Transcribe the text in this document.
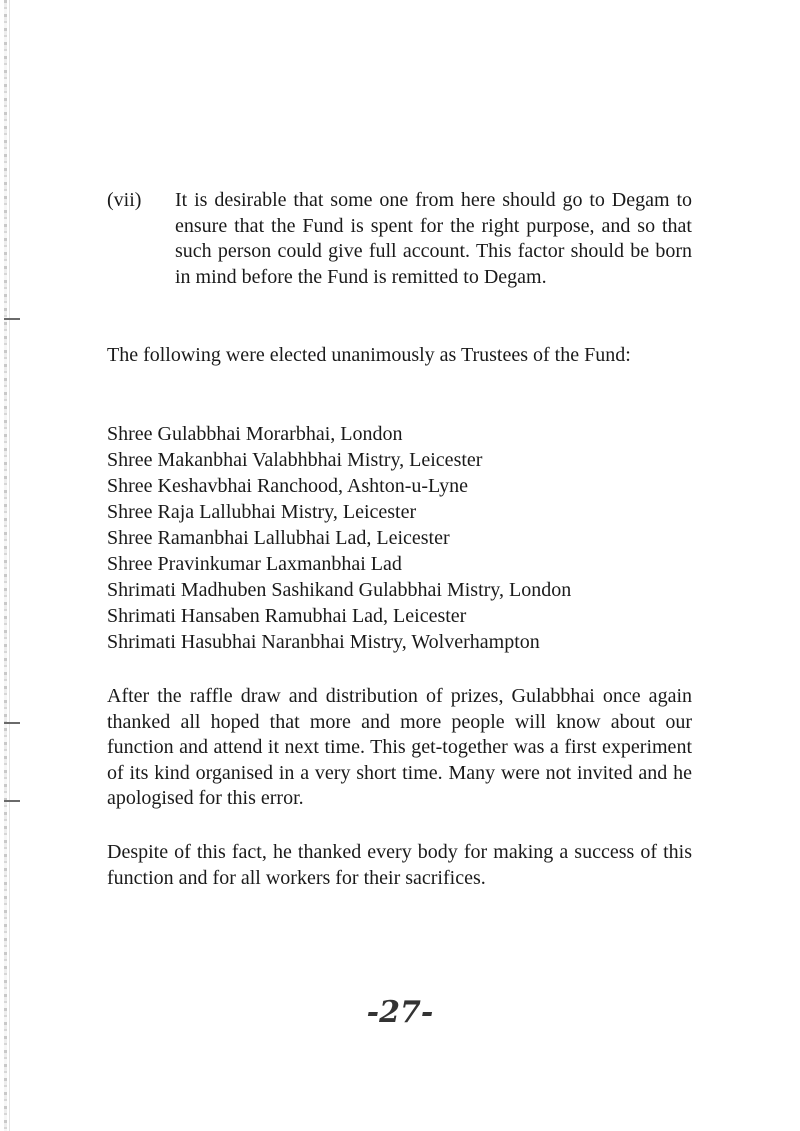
(vii) It is desirable that some one from here should go to Degam to ensure that the Fund is spent for the right purpose, and so that such person could give full account. This factor should be born in mind before the Fund is remitted to Degam.

The following were elected unanimously as Trustees of the Fund:

Shree Gulabbhai Morarbhai, London
Shree Makanbhai Valabhbhai Mistry, Leicester
Shree Keshavbhai Ranchood, Ashton-u-Lyne
Shree Raja Lallubhai Mistry, Leicester
Shree Ramanbhai Lallubhai Lad, Leicester
Shree Pravinkumar Laxmanbhai Lad
Shrimati Madhuben Sashikand Gulabbhai Mistry, London
Shrimati Hansaben Ramubhai Lad, Leicester
Shrimati Hasubhai Naranbhai Mistry, Wolverhampton

After the raffle draw and distribution of prizes, Gulabbhai once again thanked all hoped that more and more people will know about our function and attend it next time. This get-together was a first experiment of its kind organised in a very short time. Many were not invited and he apologised for this error.

Despite of this fact, he thanked every body for making a success of this function and for all workers for their sacrifices.

-27-
